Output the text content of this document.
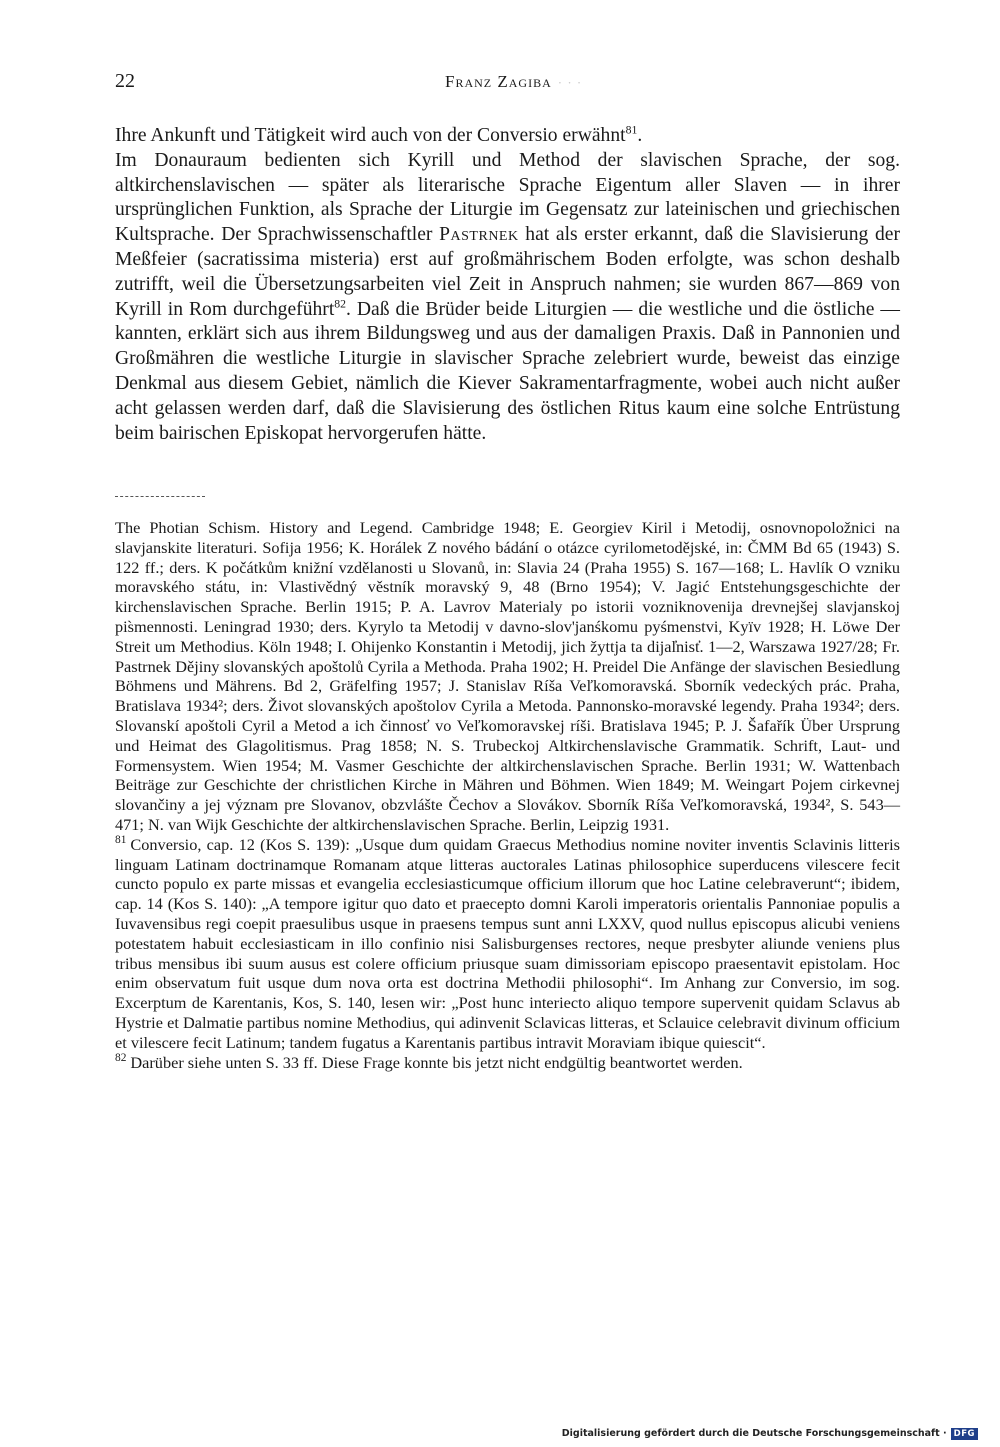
22	Franz Zagiba · · ·

Ihre Ankunft und Tätigkeit wird auch von der Conversio erwähnt$^{81}$.

Im Donauraum bedienten sich Kyrill und Method der slavischen Sprache, der sog. altkirchenslavischen — später als literarische Sprache Eigentum aller Slaven — in ihrer ursprünglichen Funktion, als Sprache der Liturgie im Gegensatz zur lateinischen und griechischen Kultsprache. Der Sprachwissenschaftler Pastrnek hat als erster erkannt, daß die Slavisierung der Meßfeier (sacratissima misteria) erst auf großmährischem Boden erfolgte, was schon deshalb zutrifft, weil die Übersetzungsarbeiten viel Zeit in Anspruch nahmen; sie wurden 867—869 von Kyrill in Rom durchgeführt$^{82}$. Daß die Brüder beide Liturgien — die westliche und die östliche — kannten, erklärt sich aus ihrem Bildungsweg und aus der damaligen Praxis. Daß in Pannonien und Großmähren die westliche Liturgie in slavischer Sprache zelebriert wurde, beweist das einzige Denkmal aus diesem Gebiet, nämlich die Kiever Sakramentarfragmente, wobei auch nicht außer acht gelassen werden darf, daß die Slavisierung des östlichen Ritus kaum eine solche Entrüstung beim bairischen Episkopat hervorgerufen hätte.

The Photian Schism. History and Legend. Cambridge 1948; E. Georgiev Kiril i Metodij, osnovnopoložnici na slavjanskite literaturi. Sofija 1956; K. Horálek Z nového bádání o otázce cyrilometodějské, in: ČMM Bd 65 (1943) S. 122 ff.; ders. K počátkům knižní vzdělanosti u Slovanů, in: Slavia 24 (Praha 1955) S. 167—168; L. Havlík O vzniku moravského státu, in: Vlastivědný věstník moravský 9, 48 (Brno 1954); V. Jagić Entstehungsgeschichte der kirchenslavischen Sprache. Berlin 1915; P. A. Lavrov Materialy po istorii vozniknovenija drevnejšej slavjanskoj pis̀mennosti. Leningrad 1930; ders. Kyrylo ta Metodij v davno-slov'janśkomu pyśmenstvi, Kyїv 1928; H. Löwe Der Streit um Methodius. Köln 1948; I. Ohijenko Konstantin i Metodij, jich žyttja ta dijal̓nist̓. 1—2, Warszawa 1927/28; Fr. Pastrnek Dějiny slovanských apoštolů Cyrila a Methoda. Praha 1902; H. Preidel Die Anfänge der slavischen Besiedlung Böhmens und Mährens. Bd 2, Gräfelfing 1957; J. Stanislav Ríša Veľkomoravská. Sborník vedeckých prác. Praha, Bratislava 1934²; ders. Život slovanských apoštolov Cyrila a Metoda. Pannonsko-moravské legendy. Praha 1934²; ders. Slovanskí apoštoli Cyril a Metod a ich činnosť vo Veľkomoravskej ríši. Bratislava 1945; P. J. Šafařík Über Ursprung und Heimat des Glagolitismus. Prag 1858; N. S. Trubeckoj Altkirchenslavische Grammatik. Schrift, Laut- und Formensystem. Wien 1954; M. Vasmer Geschichte der altkirchenslavischen Sprache. Berlin 1931; W. Wattenbach Beiträge zur Geschichte der christlichen Kirche in Mähren und Böhmen. Wien 1849; M. Weingart Pojem cirkevnej slovančiny a jej význam pre Slovanov, obzvlášte Čechov a Slovákov. Sborník Ríša Veľkomoravská, 1934², S. 543—471; N. van Wijk Geschichte der altkirchenslavischen Sprache. Berlin, Leipzig 1931.

$^{81}$ Conversio, cap. 12 (Kos S. 139): „Usque dum quidam Graecus Methodius nomine noviter inventis Sclavinis litteris linguam Latinam doctrinamque Romanam atque litteras auctorales Latinas philosophice superducens vilescere fecit cuncto populo ex parte missas et evangelia ecclesiasticumque officium illorum que hoc Latine celebraverunt“; ibidem, cap. 14 (Kos S. 140): „A tempore igitur quo dato et praecepto domni Karoli imperatoris orientalis Pannoniae populis a Iuvavensibus regi coepit praesulibus usque in praesens tempus sunt anni LXXV, quod nullus episcopus alicubi veniens potestatem habuit ecclesiasticam in illo confinio nisi Salisburgenses rectores, neque presbyter aliunde veniens plus tribus mensibus ibi suum ausus est colere officium priusque suam dimissoriam episcopo praesentavit epistolam. Hoc enim observatum fuit usque dum nova orta est doctrina Methodii philosophi“. Im Anhang zur Conversio, im sog. Excerptum de Karentanis, Kos, S. 140, lesen wir: „Post hunc interiecto aliquo tempore supervenit quidam Sclavus ab Hystrie et Dalmatie partibus nomine Methodius, qui adinvenit Sclavicas litteras, et Sclauice celebravit divinum officium et vilescere fecit Latinum; tandem fugatus a Karentanis partibus intravit Moraviam ibique quiescit“.

$^{82}$ Darüber siehe unten S. 33 ff. Diese Frage konnte bis jetzt nicht endgültig beantwortet werden.

Digitalisierung gefördert durch die Deutsche Forschungsgemeinschaft · DFG
